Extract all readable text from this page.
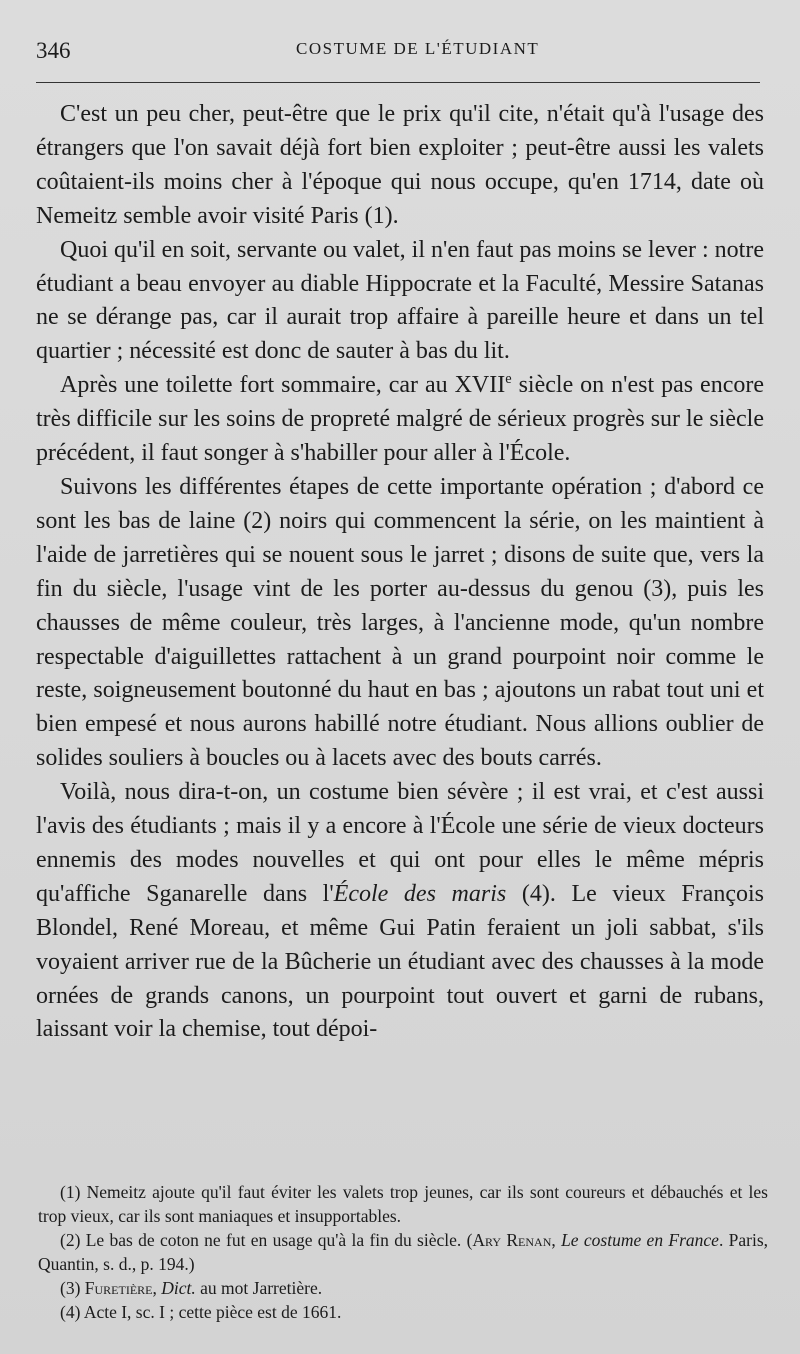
346	COSTUME DE L'ÉTUDIANT

C'est un peu cher, peut-être que le prix qu'il cite, n'était qu'à l'usage des étrangers que l'on savait déjà fort bien exploiter ; peut-être aussi les valets coûtaient-ils moins cher à l'époque qui nous occupe, qu'en 1714, date où Nemeitz semble avoir visité Paris (1).

Quoi qu'il en soit, servante ou valet, il n'en faut pas moins se lever : notre étudiant a beau envoyer au diable Hippocrate et la Faculté, Messire Satanas ne se dérange pas, car il aurait trop affaire à pareille heure et dans un tel quartier ; nécessité est donc de sauter à bas du lit.

Après une toilette fort sommaire, car au XVIIe siècle on n'est pas encore très difficile sur les soins de propreté malgré de sérieux progrès sur le siècle précédent, il faut songer à s'habiller pour aller à l'École.

Suivons les différentes étapes de cette importante opération ; d'abord ce sont les bas de laine (2) noirs qui commencent la série, on les maintient à l'aide de jarretières qui se nouent sous le jarret ; disons de suite que, vers la fin du siècle, l'usage vint de les porter au-dessus du genou (3), puis les chausses de même couleur, très larges, à l'ancienne mode, qu'un nombre respectable d'aiguillettes rattachent à un grand pourpoint noir comme le reste, soigneusement boutonné du haut en bas ; ajoutons un rabat tout uni et bien empesé et nous aurons habillé notre étudiant. Nous allions oublier de solides souliers à boucles ou à lacets avec des bouts carrés.

Voilà, nous dira-t-on, un costume bien sévère ; il est vrai, et c'est aussi l'avis des étudiants ; mais il y a encore à l'École une série de vieux docteurs ennemis des modes nouvelles et qui ont pour elles le même mépris qu'affiche Sganarelle dans l'École des maris (4). Le vieux François Blondel, René Moreau, et même Gui Patin feraient un joli sabbat, s'ils voyaient arriver rue de la Bûcherie un étudiant avec des chausses à la mode ornées de grands canons, un pourpoint tout ouvert et garni de rubans, laissant voir la chemise, tout dépoi-

(1) Nemeitz ajoute qu'il faut éviter les valets trop jeunes, car ils sont coureurs et débauchés et les trop vieux, car ils sont maniaques et insupportables.

(2) Le bas de coton ne fut en usage qu'à la fin du siècle. (Ary Renan, Le costume en France. Paris, Quantin, s. d., p. 194.)

(3) Furetière, Dict. au mot Jarretière.

(4) Acte I, sc. I ; cette pièce est de 1661.
